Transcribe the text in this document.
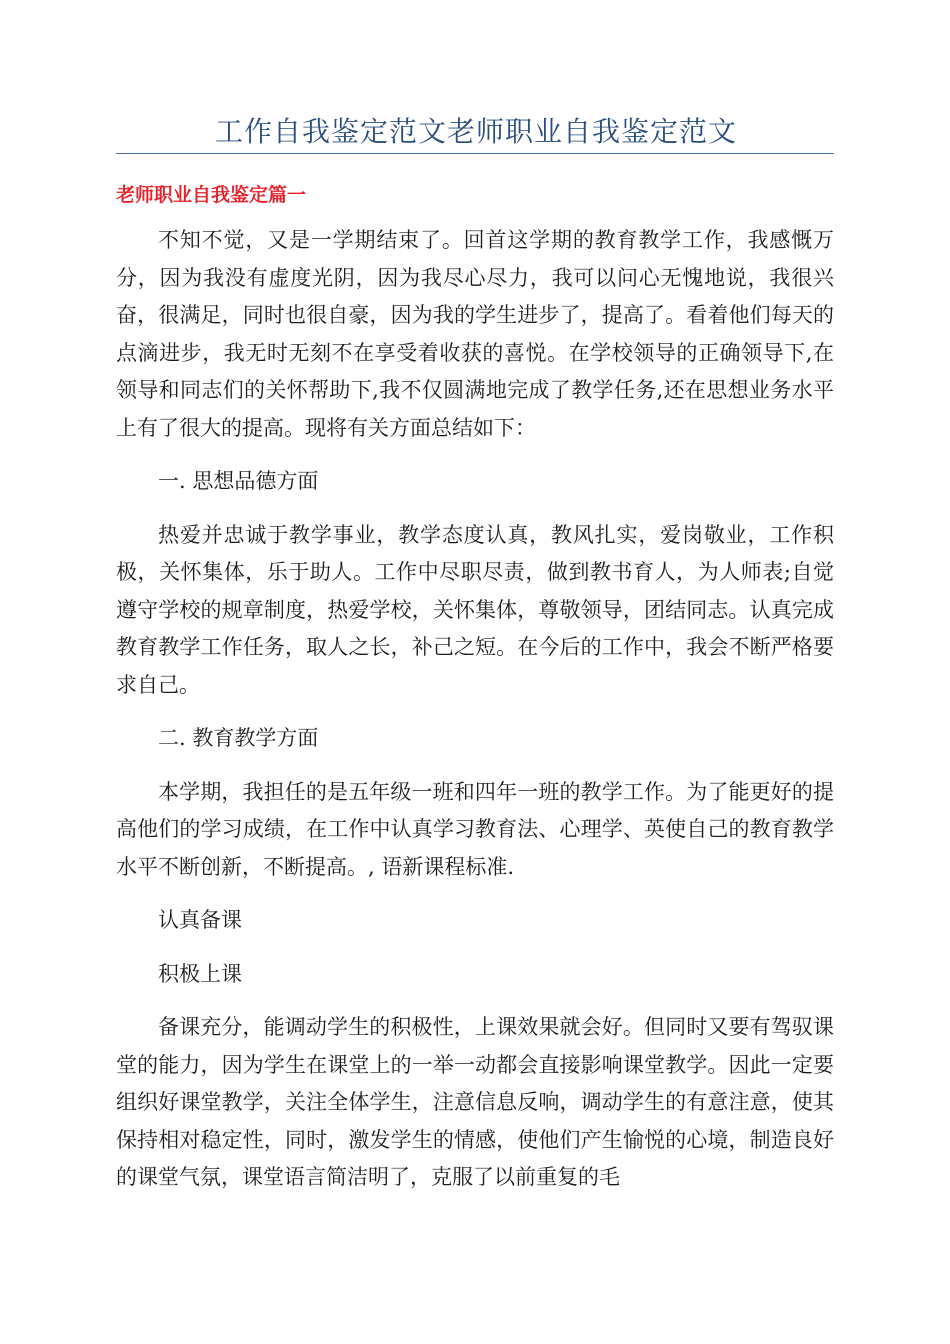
工作自我鉴定范文老师职业自我鉴定范文
老师职业自我鉴定篇一

不知不觉，又是一学期结束了。回首这学期的教育教学工作，我感慨万分，因为我没有虚度光阴，因为我尽心尽力，我可以问心无愧地说，我很兴奋，很满足，同时也很自豪，因为我的学生进步了，提高了。看着他们每天的点滴进步，我无时无刻不在享受着收获的喜悦。在学校领导的正确领导下,在领导和同志们的关怀帮助下,我不仅圆满地完成了教学任务,还在思想业务水平上有了很大的提高。现将有关方面总结如下：

一. 思想品德方面

热爱并忠诚于教学事业，教学态度认真，教风扎实，爱岗敬业，工作积极，关怀集体，乐于助人。工作中尽职尽责，做到教书育人，为人师表;自觉遵守学校的规章制度，热爱学校，关怀集体，尊敬领导，团结同志。认真完成教育教学工作任务，取人之长，补己之短。在今后的工作中，我会不断严格要求自己。

二. 教育教学方面

本学期，我担任的是五年级一班和四年一班的教学工作。为了能更好的提高他们的学习成绩，在工作中认真学习教育法、心理学、英使自己的教育教学水平不断创新，不断提高。, 语新课程标准.

认真备课

积极上课

备课充分，能调动学生的积极性，上课效果就会好。但同时又要有驾驭课堂的能力，因为学生在课堂上的一举一动都会直接影响课堂教学。因此一定要组织好课堂教学，关注全体学生，注意信息反响，调动学生的有意注意，使其保持相对稳定性，同时，激发学生的情感，使他们产生愉悦的心境，制造良好的课堂气氛，课堂语言简洁明了，克服了以前重复的毛
